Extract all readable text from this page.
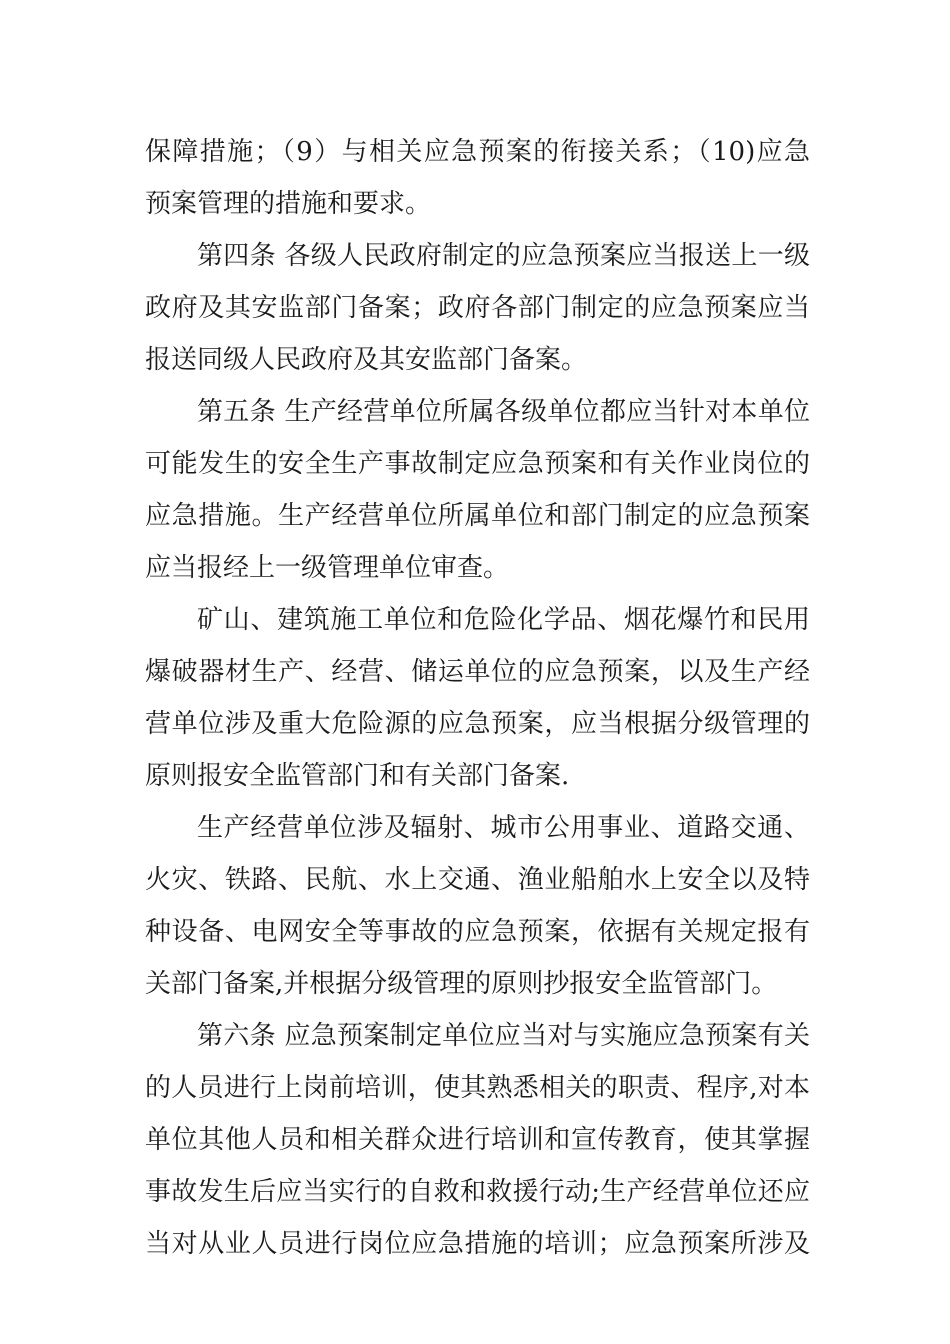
保障措施；（9）与相关应急预案的衔接关系；（10)应急
预案管理的措施和要求。
第四条 各级人民政府制定的应急预案应当报送上一级
政府及其安监部门备案；政府各部门制定的应急预案应当
报送同级人民政府及其安监部门备案。
第五条 生产经营单位所属各级单位都应当针对本单位
可能发生的安全生产事故制定应急预案和有关作业岗位的
应急措施。生产经营单位所属单位和部门制定的应急预案
应当报经上一级管理单位审查。
矿山、建筑施工单位和危险化学品、烟花爆竹和民用
爆破器材生产、经营、储运单位的应急预案，以及生产经
营单位涉及重大危险源的应急预案，应当根据分级管理的
原则报安全监管部门和有关部门备案.
生产经营单位涉及辐射、城市公用事业、道路交通、
火灾、铁路、民航、水上交通、渔业船舶水上安全以及特
种设备、电网安全等事故的应急预案，依据有关规定报有
关部门备案,并根据分级管理的原则抄报安全监管部门。
第六条 应急预案制定单位应当对与实施应急预案有关
的人员进行上岗前培训，使其熟悉相关的职责、程序,对本
单位其他人员和相关群众进行培训和宣传教育，使其掌握
事故发生后应当实行的自救和救援行动;生产经营单位还应
当对从业人员进行岗位应急措施的培训；应急预案所涉及
